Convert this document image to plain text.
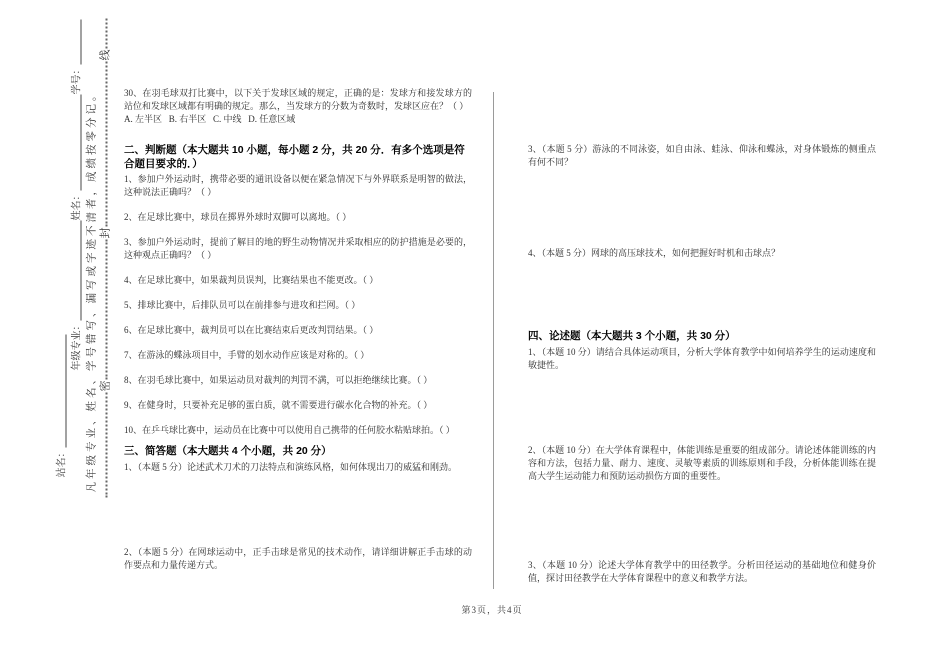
站名：
年级专业：
姓名：
学号：
凡年级专业、姓名、学号错写、漏写或字迹不清者，成绩按零分记。 密
封
线

30、在羽毛球双打比赛中，以下关于发球区域的规定，正确的是：发球方和接发球方的站位和发球区域都有明确的规定。那么，当发球方的分数为奇数时，发球区应在？（ ）

A. 左半区   B. 右半区   C. 中线   D. 任意区域

二、判断题（本大题共 10 小题，每小题 2 分，共 20 分．有多个选项是符合题目要求的．）

1、参加户外运动时，携带必要的通讯设备以便在紧急情况下与外界联系是明智的做法，这种说法正确吗？（ ）

2、在足球比赛中，球员在掷界外球时双脚可以离地。（ ）

3、参加户外运动时，提前了解目的地的野生动物情况并采取相应的防护措施是必要的，这种观点正确吗？（ ）

4、在足球比赛中，如果裁判员误判，比赛结果也不能更改。（ ）

5、排球比赛中，后排队员可以在前排参与进攻和拦网。（ ）

6、在足球比赛中，裁判员可以在比赛结束后更改判罚结果。（ ）

7、在游泳的蝶泳项目中，手臂的划水动作应该是对称的。（ ）

8、在羽毛球比赛中，如果运动员对裁判的判罚不满，可以拒绝继续比赛。（ ）

9、在健身时，只要补充足够的蛋白质，就不需要进行碳水化合物的补充。（ ）

10、在乒乓球比赛中，运动员在比赛中可以使用自己携带的任何胶水粘贴球拍。（ ）

三、简答题（本大题共 4 个小题，共 20 分）

1、（本题 5 分）论述武术刀术的刀法特点和演练风格，如何体现出刀的威猛和刚劲。

2、（本题 5 分）在网球运动中，正手击球是常见的技术动作，请详细讲解正手击球的动作要点和力量传递方式。

3、（本题 5 分）游泳的不同泳姿，如自由泳、蛙泳、仰泳和蝶泳，对身体锻炼的侧重点有何不同？

4、（本题 5 分）网球的高压球技术，如何把握好时机和击球点？

四、论述题（本大题共 3 个小题，共 30 分）

1、（本题 10 分）请结合具体运动项目，分析大学体育教学中如何培养学生的运动速度和敏捷性。

2、（本题 10 分）在大学体育课程中，体能训练是重要的组成部分。请论述体能训练的内容和方法，包括力量、耐力、速度、灵敏等素质的训练原则和手段，分析体能训练在提高大学生运动能力和预防运动损伤方面的重要性。

3、（本题 10 分）论述大学体育教学中的田径教学。分析田径运动的基础地位和健身价值，探讨田径教学在大学体育课程中的意义和教学方法。

第3页，共4页
